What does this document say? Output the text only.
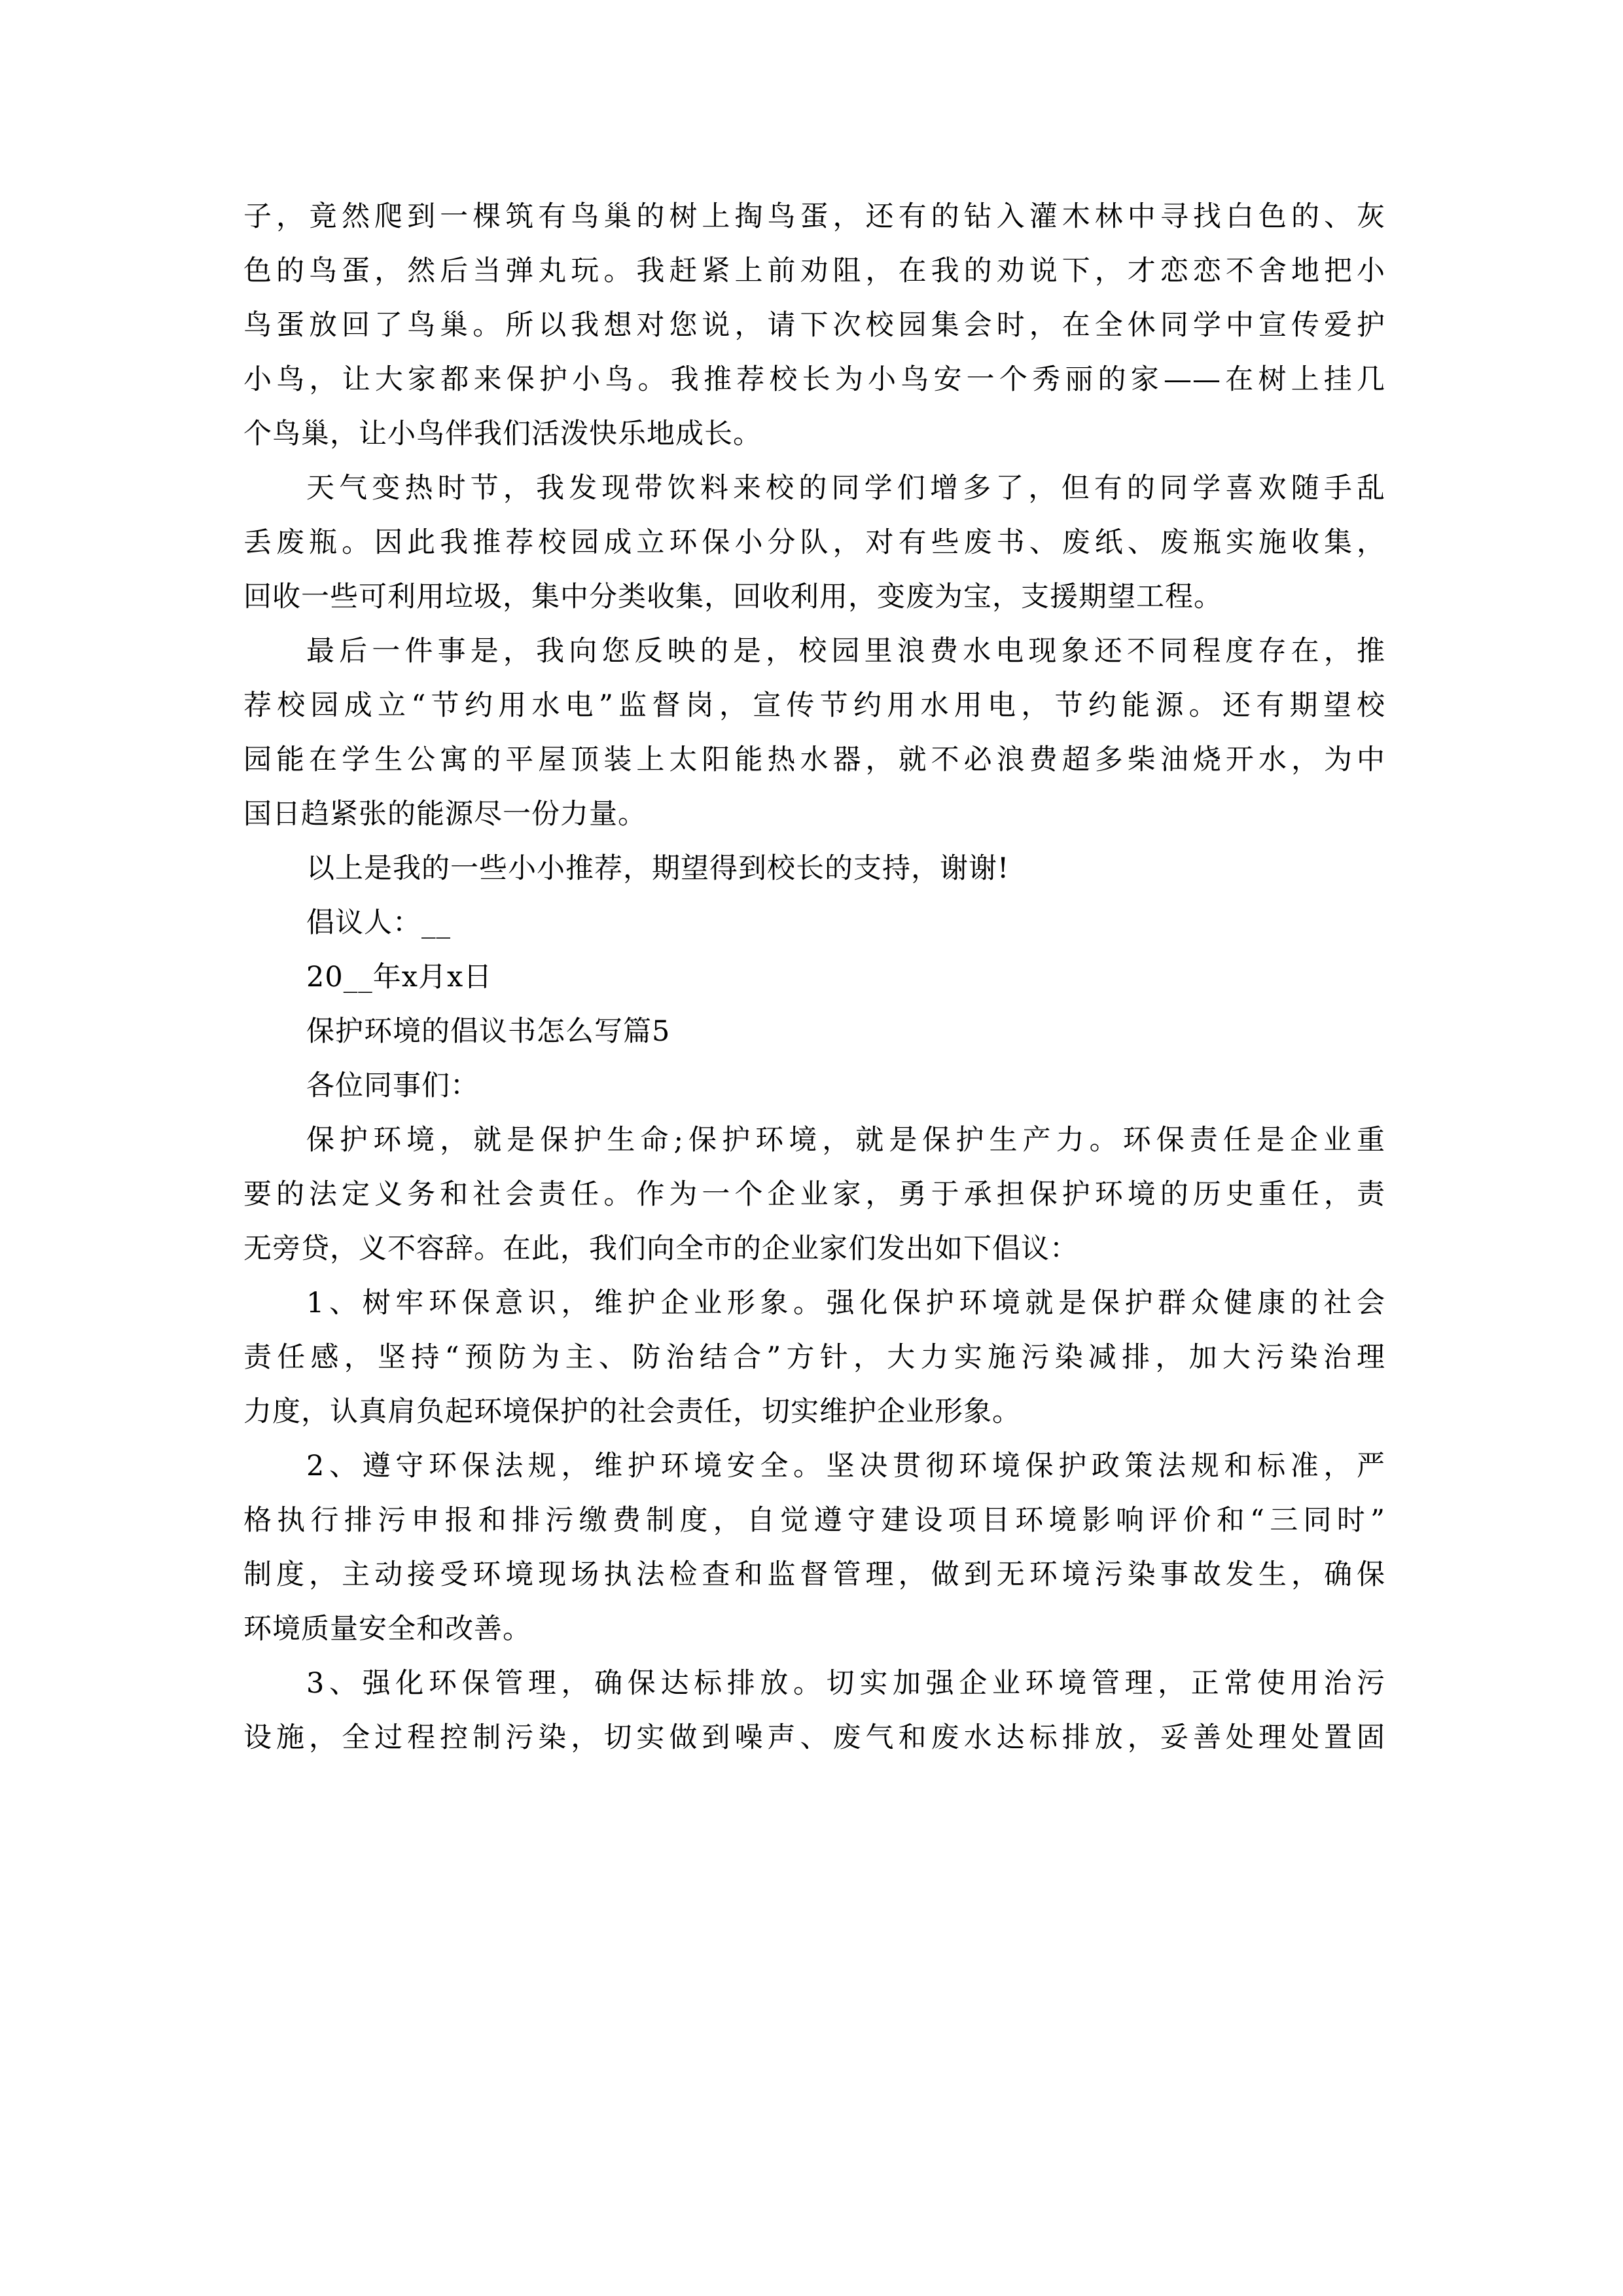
子，竟然爬到一棵筑有鸟巢的树上掏鸟蛋，还有的钻入灌木林中寻找白色的、灰
色的鸟蛋，然后当弹丸玩。我赶紧上前劝阻，在我的劝说下，才恋恋不舍地把小
鸟蛋放回了鸟巢。所以我想对您说，请下次校园集会时，在全休同学中宣传爱护
小鸟，让大家都来保护小鸟。我推荐校长为小鸟安一个秀丽的家——在树上挂几
个鸟巢，让小鸟伴我们活泼快乐地成长。

天气变热时节，我发现带饮料来校的同学们增多了，但有的同学喜欢随手乱
丢废瓶。因此我推荐校园成立环保小分队，对有些废书、废纸、废瓶实施收集，
回收一些可利用垃圾，集中分类收集，回收利用，变废为宝，支援期望工程。

最后一件事是，我向您反映的是，校园里浪费水电现象还不同程度存在，推
荐校园成立“节约用水电”监督岗，宣传节约用水用电，节约能源。还有期望校
园能在学生公寓的平屋顶装上太阳能热水器，就不必浪费超多柴油烧开水，为中
国日趋紧张的能源尽一份力量。

以上是我的一些小小推荐，期望得到校长的支持，谢谢!

倡议人：__

20__年x月x日

保护环境的倡议书怎么写篇5

各位同事们：

保护环境，就是保护生命;保护环境，就是保护生产力。环保责任是企业重
要的法定义务和社会责任。作为一个企业家，勇于承担保护环境的历史重任，责
无旁贷，义不容辞。在此，我们向全市的企业家们发出如下倡议：

1、树牢环保意识，维护企业形象。强化保护环境就是保护群众健康的社会
责任感，坚持“预防为主、防治结合”方针，大力实施污染减排，加大污染治理
力度，认真肩负起环境保护的社会责任，切实维护企业形象。

2、遵守环保法规，维护环境安全。坚决贯彻环境保护政策法规和标准，严
格执行排污申报和排污缴费制度，自觉遵守建设项目环境影响评价和“三同时”
制度，主动接受环境现场执法检查和监督管理，做到无环境污染事故发生，确保
环境质量安全和改善。

3、强化环保管理，确保达标排放。切实加强企业环境管理，正常使用治污
设施，全过程控制污染，切实做到噪声、废气和废水达标排放，妥善处理处置固
